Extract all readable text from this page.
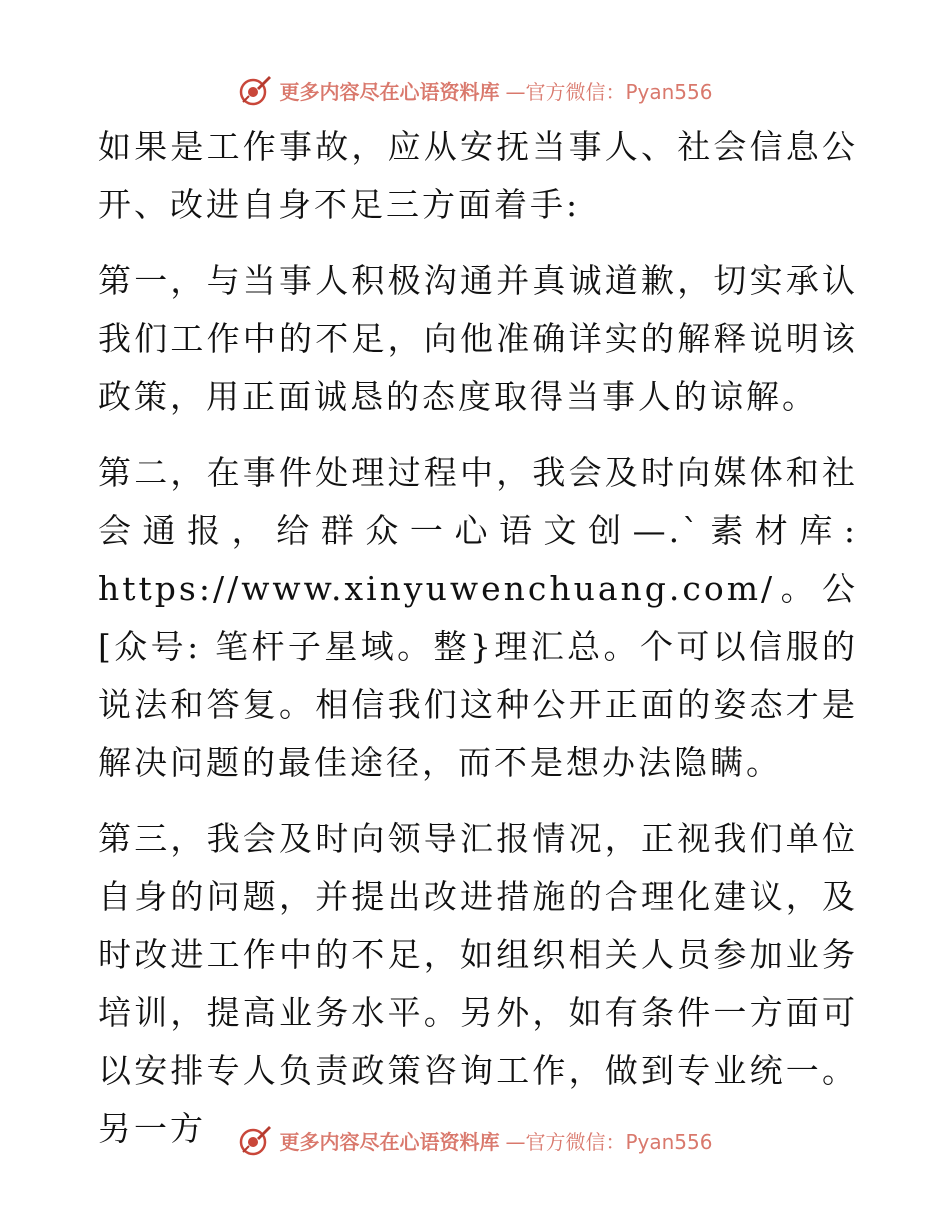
更多内容尽在心语资料库 —官方微信：Pyan556

如果是工作事故，应从安抚当事人、社会信息公开、改进自身不足三方面着手:

第一，与当事人积极沟通并真诚道歉，切实承认我们工作中的不足，向他准确详实的解释说明该政策，用正面诚恳的态度取得当事人的谅解。

第二，在事件处理过程中，我会及时向媒体和社会通报，给群众一心语文创—.`素材库: https://www.xinyuwenchuang.com/。公[众号: 笔杆子星域。整}理汇总。个可以信服的说法和答复。相信我们这种公开正面的姿态才是解决问题的最佳途径，而不是想办法隐瞒。

第三，我会及时向领导汇报情况，正视我们单位自身的问题，并提出改进措施的合理化建议，及时改进工作中的不足，如组织相关人员参加业务培训，提高业务水平。另外，如有条件一方面可以安排专人负责政策咨询工作，做到专业统一。另一方	更多内容尽在心语资料库 —官方微信：Pyan556
